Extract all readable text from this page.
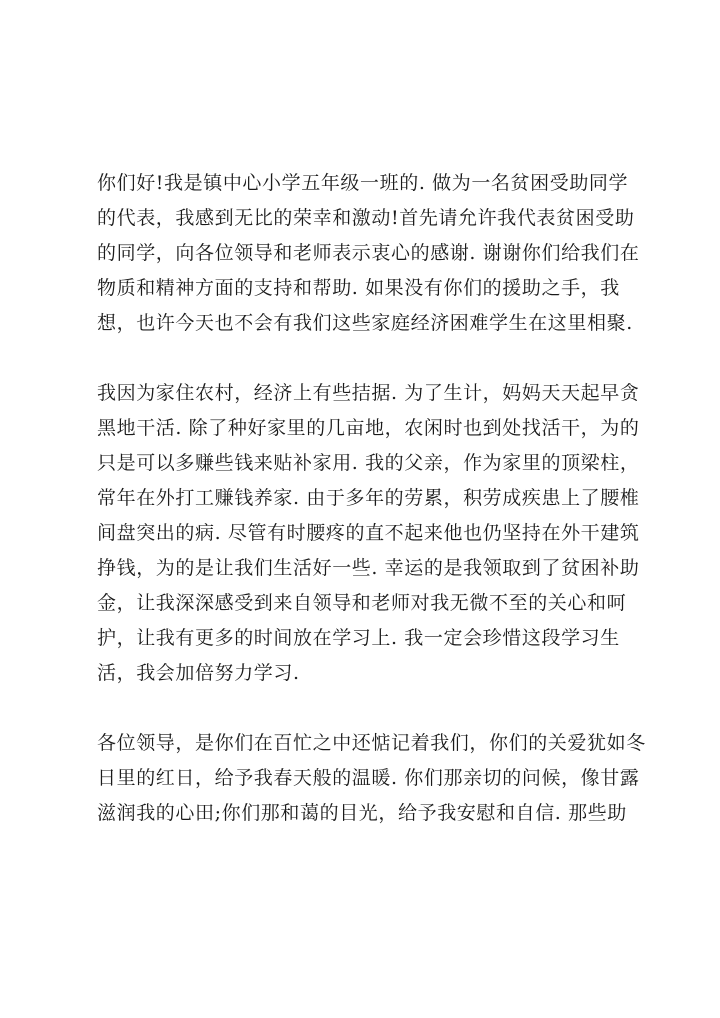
你们好!我是镇中心小学五年级一班的. 做为一名贫困受助同学
的代表，我感到无比的荣幸和激动!首先请允许我代表贫困受助
的同学，向各位领导和老师表示衷心的感谢. 谢谢你们给我们在
物质和精神方面的支持和帮助. 如果没有你们的援助之手，我
想，也许今天也不会有我们这些家庭经济困难学生在这里相聚.
我因为家住农村，经济上有些拮据. 为了生计，妈妈天天起早贪
黑地干活. 除了种好家里的几亩地，农闲时也到处找活干，为的
只是可以多赚些钱来贴补家用. 我的父亲，作为家里的顶梁柱，
常年在外打工赚钱养家. 由于多年的劳累，积劳成疾患上了腰椎
间盘突出的病. 尽管有时腰疼的直不起来他也仍坚持在外干建筑
挣钱，为的是让我们生活好一些. 幸运的是我领取到了贫困补助
金，让我深深感受到来自领导和老师对我无微不至的关心和呵
护，让我有更多的时间放在学习上. 我一定会珍惜这段学习生
活，我会加倍努力学习.
各位领导，是你们在百忙之中还惦记着我们，你们的关爱犹如冬
日里的红日，给予我春天般的温暖. 你们那亲切的问候，像甘露
滋润我的心田;你们那和蔼的目光，给予我安慰和自信. 那些助
